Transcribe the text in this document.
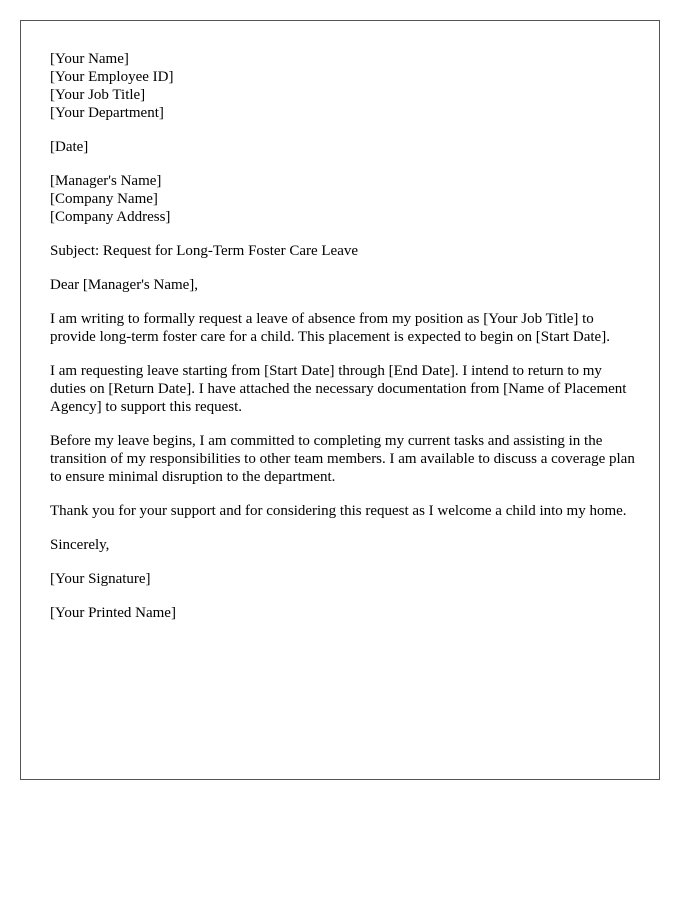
[Your Name]
[Your Employee ID]
[Your Job Title]
[Your Department]

[Date]

[Manager's Name]
[Company Name]
[Company Address]

Subject: Request for Long-Term Foster Care Leave

Dear [Manager's Name],

I am writing to formally request a leave of absence from my position as [Your Job Title] to provide long-term foster care for a child. This placement is expected to begin on [Start Date].

I am requesting leave starting from [Start Date] through [End Date]. I intend to return to my duties on [Return Date]. I have attached the necessary documentation from [Name of Placement Agency] to support this request.

Before my leave begins, I am committed to completing my current tasks and assisting in the transition of my responsibilities to other team members. I am available to discuss a coverage plan to ensure minimal disruption to the department.

Thank you for your support and for considering this request as I welcome a child into my home.

Sincerely,

[Your Signature]

[Your Printed Name]
